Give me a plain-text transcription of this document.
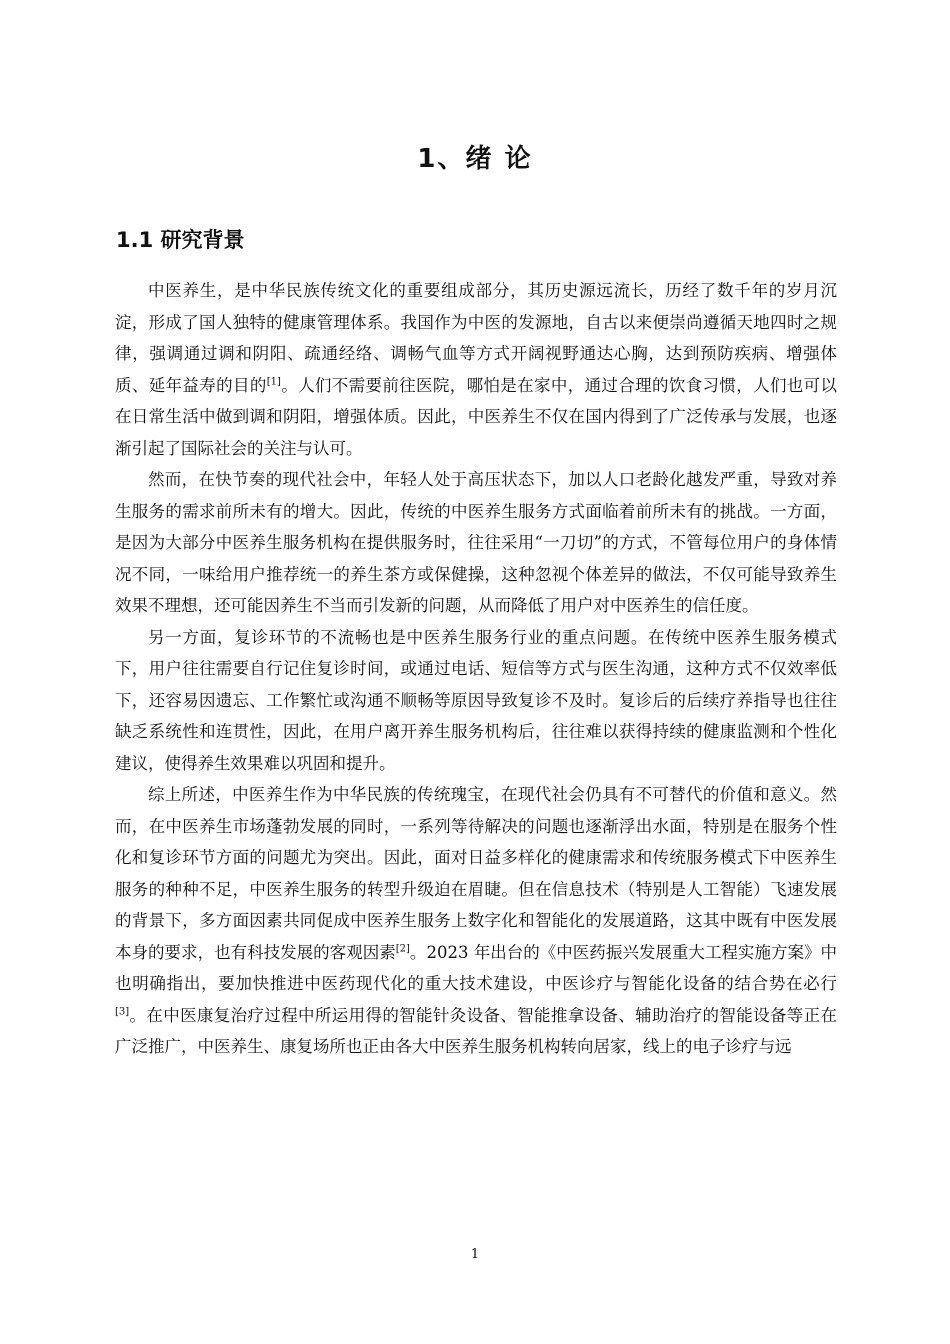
1、绪 论
1.1 研究背景

中医养生，是中华民族传统文化的重要组成部分，其历史源远流长，历经了数千年的岁月沉淀，形成了国人独特的健康管理体系。我国作为中医的发源地，自古以来便崇尚遵循天地四时之规律，强调通过调和阴阳、疏通经络、调畅气血等方式开阔视野通达心胸，达到预防疾病、增强体质、延年益寿的目的[1]。人们不需要前往医院，哪怕是在家中，通过合理的饮食习惯，人们也可以在日常生活中做到调和阴阳，增强体质。因此，中医养生不仅在国内得到了广泛传承与发展，也逐渐引起了国际社会的关注与认可。

然而，在快节奏的现代社会中，年轻人处于高压状态下，加以人口老龄化越发严重，导致对养生服务的需求前所未有的增大。因此，传统的中医养生服务方式面临着前所未有的挑战。一方面，是因为大部分中医养生服务机构在提供服务时，往往采用“一刀切”的方式，不管每位用户的身体情况不同，一味给用户推荐统一的养生茶方或保健操，这种忽视个体差异的做法，不仅可能导致养生效果不理想，还可能因养生不当而引发新的问题，从而降低了用户对中医养生的信任度。

另一方面，复诊环节的不流畅也是中医养生服务行业的重点问题。在传统中医养生服务模式下，用户往往需要自行记住复诊时间，或通过电话、短信等方式与医生沟通，这种方式不仅效率低下，还容易因遗忘、工作繁忙或沟通不顺畅等原因导致复诊不及时。复诊后的后续疗养指导也往往缺乏系统性和连贯性，因此，在用户离开养生服务机构后，往往难以获得持续的健康监测和个性化建议，使得养生效果难以巩固和提升。

综上所述，中医养生作为中华民族的传统瑰宝，在现代社会仍具有不可替代的价值和意义。然而，在中医养生市场蓬勃发展的同时，一系列等待解决的问题也逐渐浮出水面，特别是在服务个性化和复诊环节方面的问题尤为突出。因此，面对日益多样化的健康需求和传统服务模式下中医养生服务的种种不足，中医养生服务的转型升级迫在眉睫。但在信息技术（特别是人工智能）飞速发展的背景下，多方面因素共同促成中医养生服务上数字化和智能化的发展道路，这其中既有中医发展本身的要求，也有科技发展的客观因素[2]。2023 年出台的《中医药振兴发展重大工程实施方案》中 也明确指出，要加快推进中医药现代化的重大技术建设，中医诊疗与智能化设备的结合势在必行 [3]。在中医康复治疗过程中所运用得的智能针灸设备、智能推拿设备、辅助治疗的智能设备等正在广泛推广，中医养生、康复场所也正由各大中医养生服务机构转向居家，线上的电子诊疗与远

1
